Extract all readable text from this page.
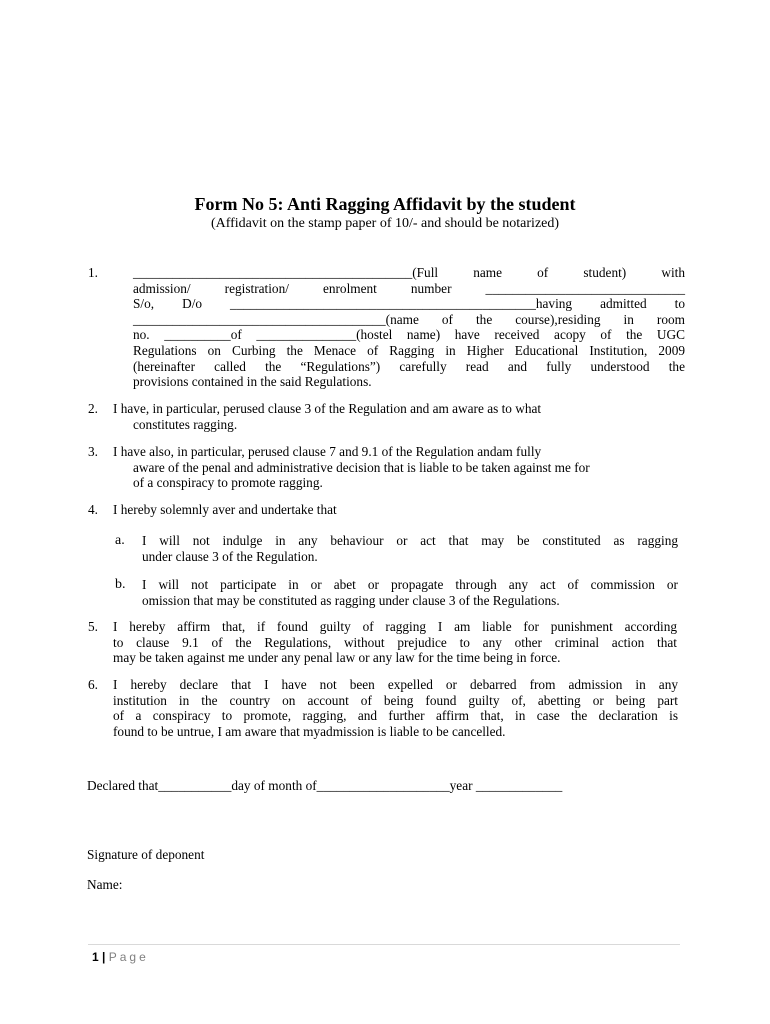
Form No 5: Anti Ragging Affidavit by the student
(Affidavit on the stamp paper of 10/- and should be notarized)
1.	__________________________________________(Full name of student) with
admission/ registration/ enrolment number ______________________________
S/o, D/o ______________________________________________having admitted to
______________________________________(name of the course),residing in room
no. __________of _______________(hostel name) have received acopy of the UGC
Regulations on Curbing the Menace of Ragging in Higher Educational Institution, 2009
(hereinafter called the “Regulations”) carefully read and fully understood the
provisions contained in the said Regulations.
2. I have, in particular, perused clause 3 of the Regulation and am aware as to what
constitutes ragging.
3. I have also, in particular, perused clause 7 and 9.1 of the Regulation andam fully
aware of the penal and administrative decision that is liable to be taken against me for
of a conspiracy to promote ragging.
4. I hereby solemnly aver and undertake that
a. I will not indulge in any behaviour or act that may be constituted as ragging
under clause 3 of the Regulation.
b. I will not participate in or abet or propagate through any act of commission or
omission that may be constituted as ragging under clause 3 of the Regulations.
5. I hereby affirm that, if found guilty of ragging I am liable for punishment according
to clause 9.1 of the Regulations, without prejudice to any other criminal action that
may be taken against me under any penal law or any law for the time being in force.
6. I hereby declare that I have not been expelled or debarred from admission in any
institution in the country on account of being found guilty of, abetting or being part
of a conspiracy to promote, ragging, and further affirm that, in case the declaration is
found to be untrue, I am aware that myadmission is liable to be cancelled.
Declared that___________day of month of____________________year _____________
Signature of deponent
Name:
1 | Page
